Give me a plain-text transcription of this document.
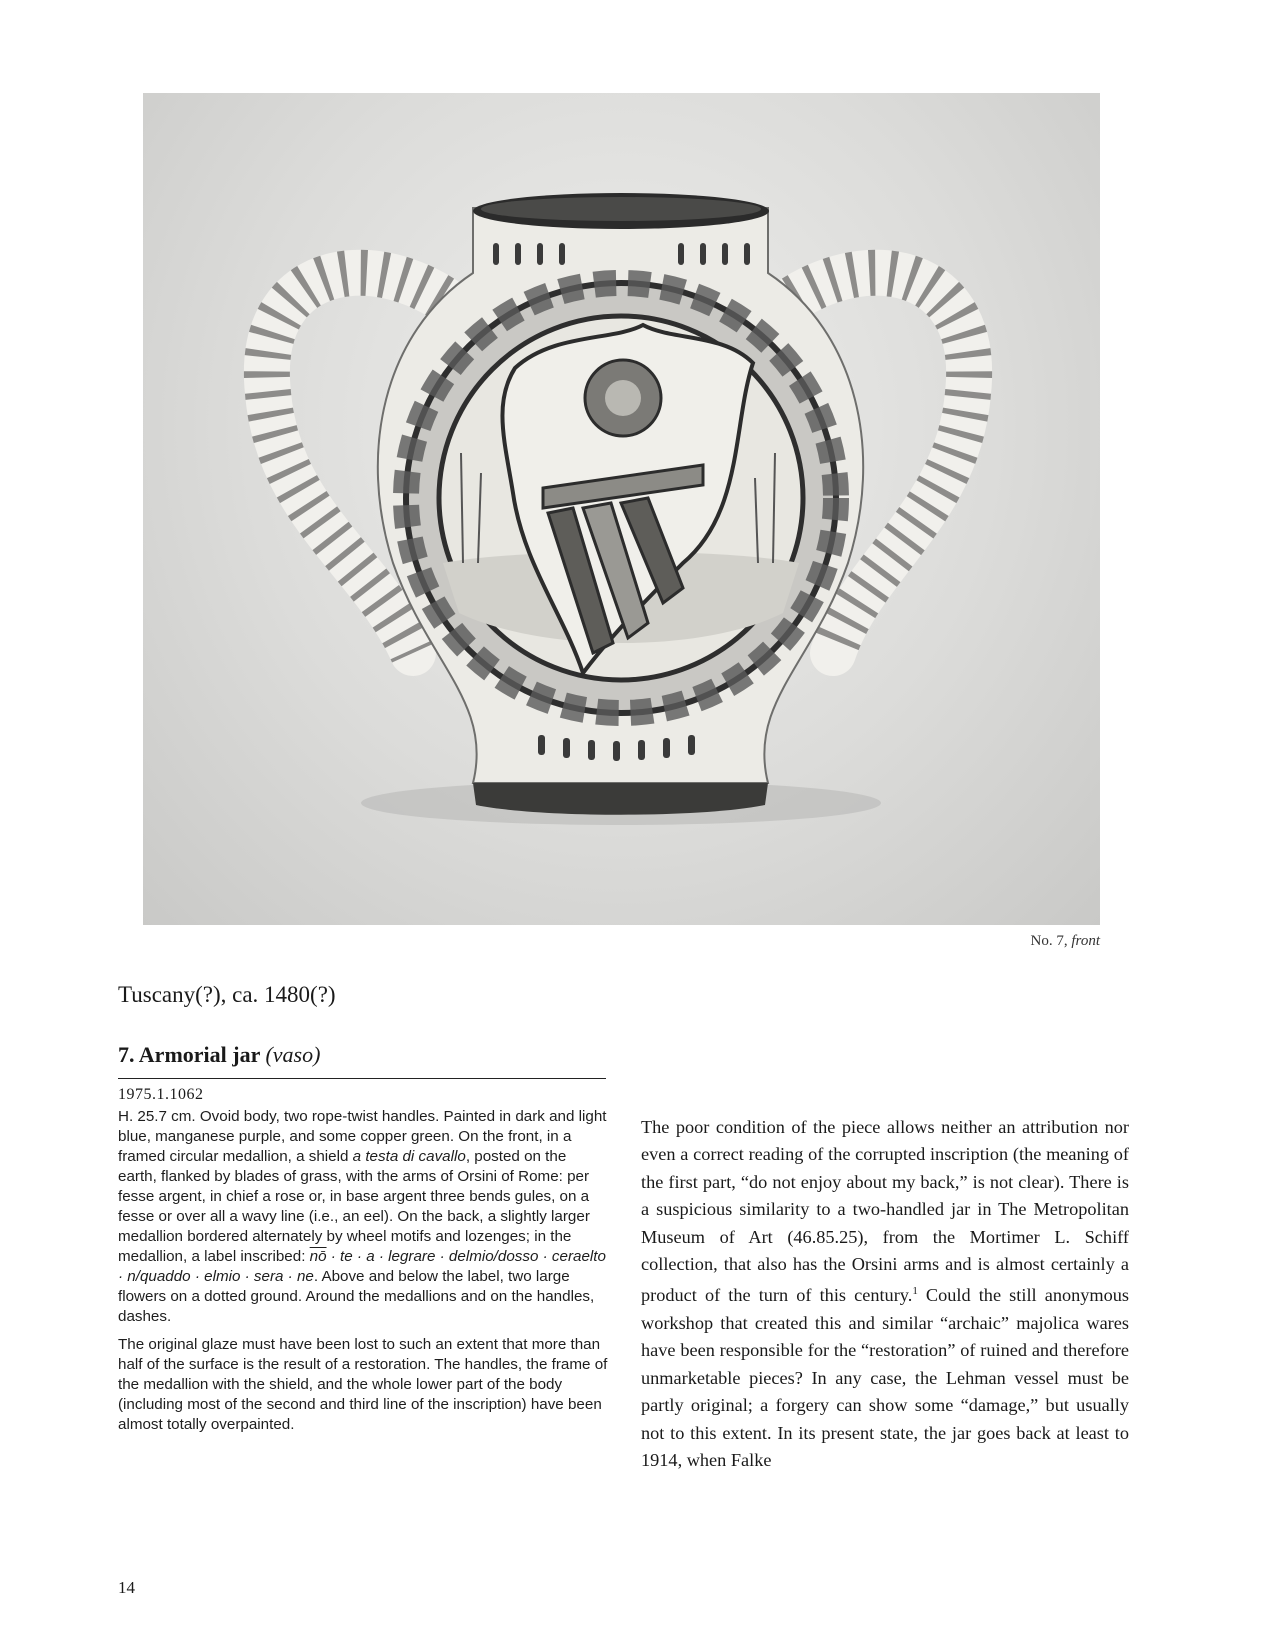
No. 7, front
Tuscany(?), ca. 1480(?)
7. Armorial jar (vaso)
1975.1.1062

H. 25.7 cm. Ovoid body, two rope-twist handles. Painted in dark and light blue, manganese purple, and some copper green. On the front, in a framed circular medallion, a shield a testa di cavallo, posted on the earth, flanked by blades of grass, with the arms of Orsini of Rome: per fesse argent, in chief a rose or, in base argent three bends gules, on a fesse or over all a wavy line (i.e., an eel). On the back, a slightly larger medallion bordered alternately by wheel motifs and lozenges; in the medallion, a label inscribed: $\overline{nō}$ · te · a · legrare · delmio/dosso · ceraelto · n/quaddo · elmio · sera · ne. Above and below the label, two large flowers on a dotted ground. Around the medallions and on the handles, dashes.

The original glaze must have been lost to such an extent that more than half of the surface is the result of a restoration. The handles, the frame of the medallion with the shield, and the whole lower part of the body (including most of the second and third line of the inscription) have been almost totally overpainted.

The poor condition of the piece allows neither an attribution nor even a correct reading of the corrupted inscription (the meaning of the first part, “do not enjoy about my back,” is not clear). There is a suspicious similarity to a two-handled jar in The Metropolitan Museum of Art (46.85.25), from the Mortimer L. Schiff collection, that also has the Orsini arms and is almost certainly a product of the turn of this century.$^1$ Could the still anonymous workshop that created this and similar “archaic” majolica wares have been responsible for the “restoration” of ruined and therefore unmarketable pieces? In any case, the Lehman vessel must be partly original; a forgery can show some “damage,” but usually not to this extent. In its present state, the jar goes back at least to 1914, when Falke

14
